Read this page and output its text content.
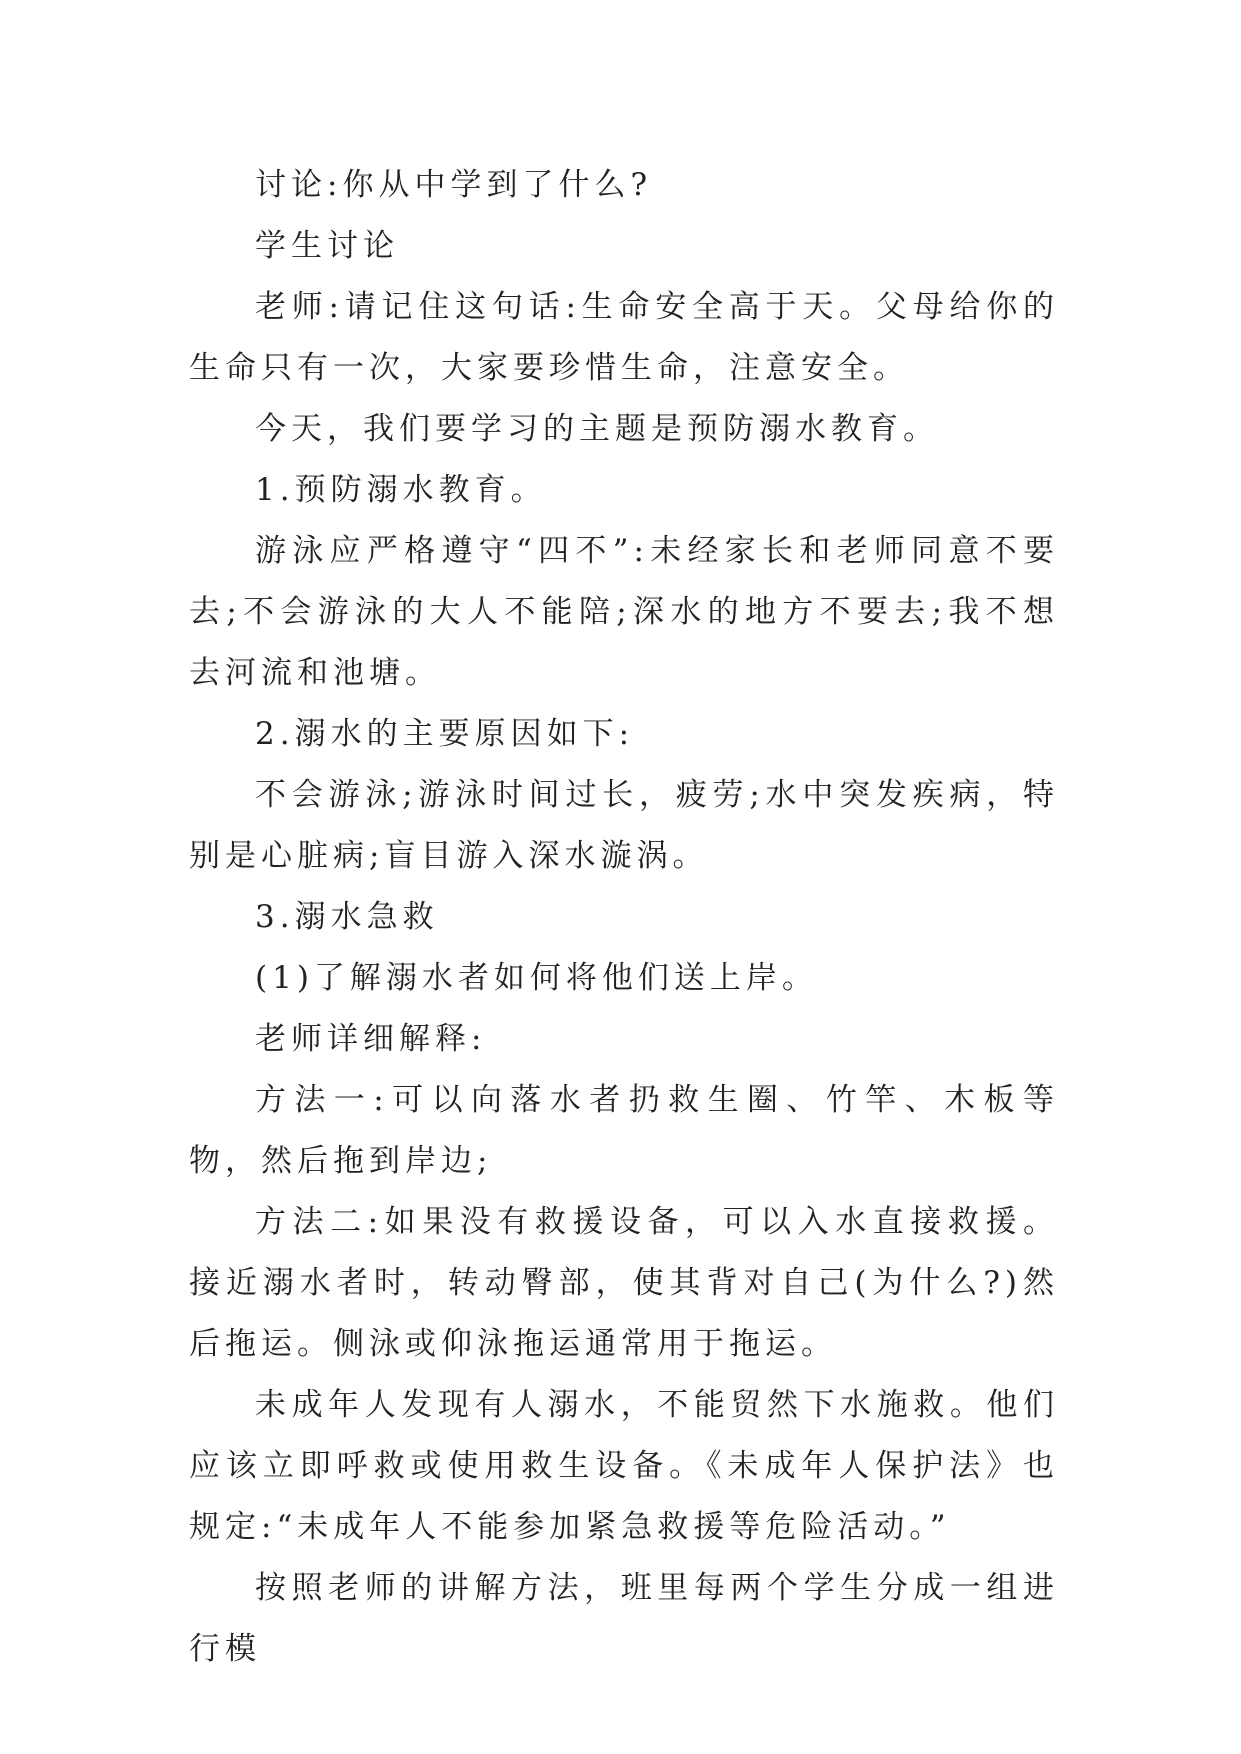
讨论:你从中学到了什么?

学生讨论

老师:请记住这句话:生命安全高于天。父母给你的生命只有一次，大家要珍惜生命，注意安全。

今天，我们要学习的主题是预防溺水教育。

1.预防溺水教育。

游泳应严格遵守“四不”:未经家长和老师同意不要去;不会游泳的大人不能陪;深水的地方不要去;我不想去河流和池塘。

2.溺水的主要原因如下:

不会游泳;游泳时间过长，疲劳;水中突发疾病，特别是心脏病;盲目游入深水漩涡。

3.溺水急救

(1)了解溺水者如何将他们送上岸。

老师详细解释:

方法一:可以向落水者扔救生圈、竹竿、木板等物，然后拖到岸边;

方法二:如果没有救援设备，可以入水直接救援。接近溺水者时，转动臀部，使其背对自己(为什么?)然后拖运。侧泳或仰泳拖运通常用于拖运。

未成年人发现有人溺水，不能贸然下水施救。他们应该立即呼救或使用救生设备。《未成年人保护法》也规定:“未成年人不能参加紧急救援等危险活动。”

按照老师的讲解方法，班里每两个学生分成一组进行模
